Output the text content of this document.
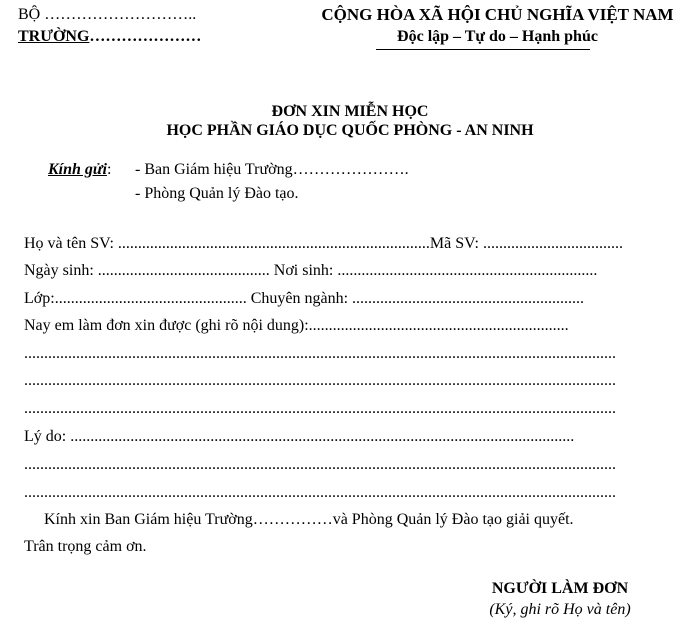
BỘ ………………………..
TRƯỜNG…………………
CỘNG HÒA XÃ HỘI CHỦ NGHĨA VIỆT NAM
Độc lập – Tự do – Hạnh phúc
ĐƠN XIN MIỄN HỌC
HỌC PHẦN GIÁO DỤC QUỐC PHÒNG - AN NINH
Kính gửi: - Ban Giám hiệu Trường………………….
- Phòng Quản lý Đào tạo.
Họ và tên SV: ..............................................................................Mã SV: ...................................
Ngày sinh: ........................................... Nơi sinh: .................................................................
Lớp:................................................ Chuyên ngành: ..........................................................
Nay em làm đơn xin được (ghi rõ nội dung):.................................................................
....................................................................................................................................................
....................................................................................................................................................
....................................................................................................................................................
Lý do: ..............................................................................................................................
....................................................................................................................................................
....................................................................................................................................................
Kính xin Ban Giám hiệu Trường……………và Phòng Quản lý Đào tạo giải quyết.
Trân trọng cảm ơn.
NGƯỜI LÀM ĐƠN
(Ký, ghi rõ Họ và tên)
